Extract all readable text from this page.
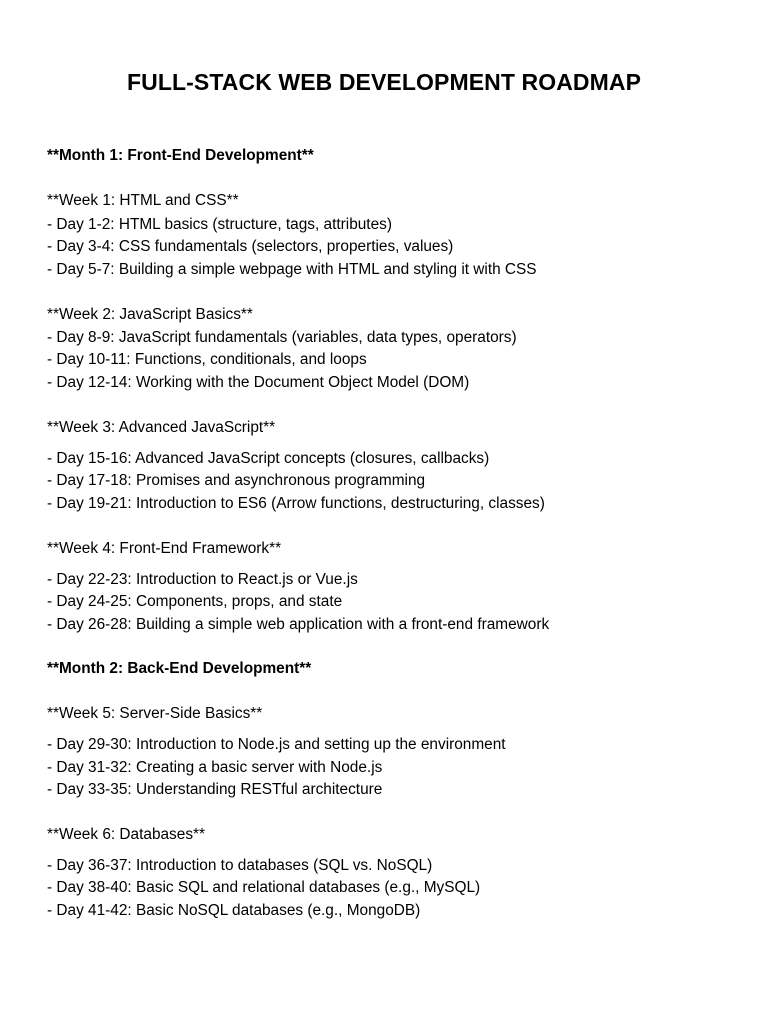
FULL-STACK WEB DEVELOPMENT ROADMAP
**Month 1: Front-End Development**
**Week 1: HTML and CSS**
- Day 1-2: HTML basics (structure, tags, attributes)
- Day 3-4: CSS fundamentals (selectors, properties, values)
- Day 5-7: Building a simple webpage with HTML and styling it with CSS
**Week 2: JavaScript Basics**
- Day 8-9: JavaScript fundamentals (variables, data types, operators)
- Day 10-11: Functions, conditionals, and loops
- Day 12-14: Working with the Document Object Model (DOM)
**Week 3: Advanced JavaScript**
- Day 15-16: Advanced JavaScript concepts (closures, callbacks)
- Day 17-18: Promises and asynchronous programming
- Day 19-21: Introduction to ES6 (Arrow functions, destructuring, classes)
**Week 4: Front-End Framework**
- Day 22-23: Introduction to React.js or Vue.js
- Day 24-25: Components, props, and state
- Day 26-28: Building a simple web application with a front-end framework
**Month 2: Back-End Development**
**Week 5: Server-Side Basics**
- Day 29-30: Introduction to Node.js and setting up the environment
- Day 31-32: Creating a basic server with Node.js
- Day 33-35: Understanding RESTful architecture
**Week 6: Databases**
- Day 36-37: Introduction to databases (SQL vs. NoSQL)
- Day 38-40: Basic SQL and relational databases (e.g., MySQL)
- Day 41-42: Basic NoSQL databases (e.g., MongoDB)
